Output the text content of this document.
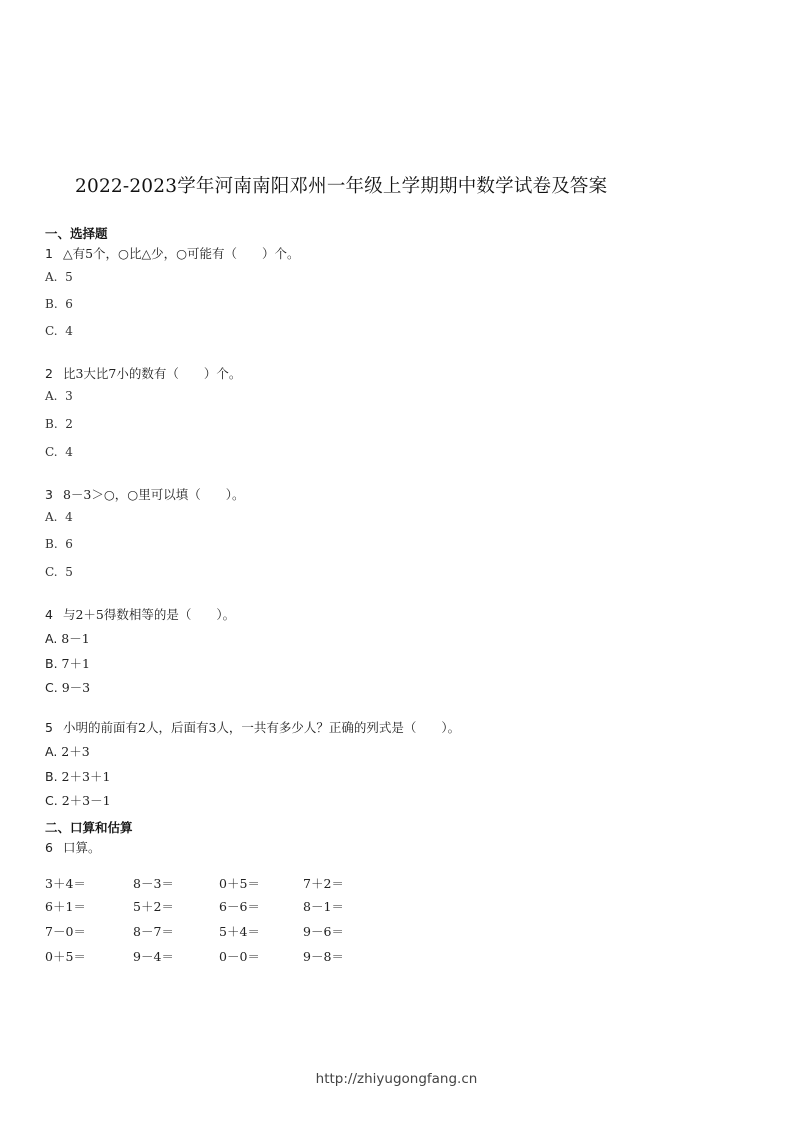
2022-2023学年河南南阳邓州一年级上学期期中数学试卷及答案
一、选择题
1 △有5个，○比△少，○可能有（　　）个。
A. 5
B. 6
C. 4
2 比3大比7小的数有（　　）个。
A. 3
B. 2
C. 4
3 8－3＞○，○里可以填（　　）。
A. 4
B. 6
C. 5
4 与2＋5得数相等的是（　　）。
A. 8－1
B. 7＋1
C. 9－3
5 小明的前面有2人，后面有3人，一共有多少人？正确的列式是（　　）。
A. 2＋3
B. 2＋3＋1
C. 2＋3－1
二、口算和估算
6 口算。
3＋4＝	8－3＝	0＋5＝	7＋2＝
6＋1＝	5＋2＝	6－6＝	8－1＝
7－0＝	8－7＝	5＋4＝	9－6＝
0＋5＝	9－4＝	0－0＝	9－8＝
http://zhiyugongfang.cn
